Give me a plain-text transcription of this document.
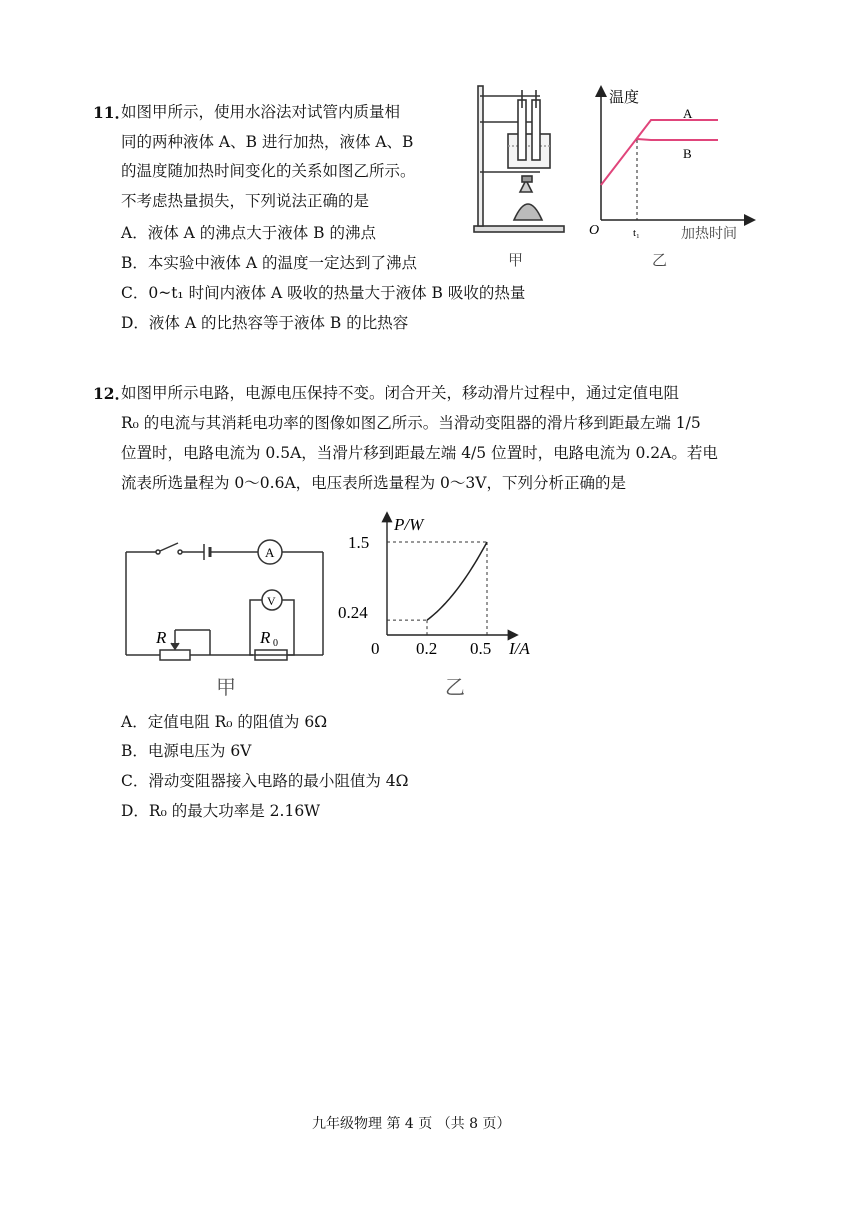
11．
如图甲所示，使用水浴法对试管内质量相
同的两种液体 A、B 进行加热，液体 A、B
的温度随加热时间变化的关系如图乙所示。
不考虑热量损失，下列说法正确的是
A．液体 A 的沸点大于液体 B 的沸点
B．本实验中液体 A 的温度一定达到了沸点
C．0~t₁ 时间内液体 A 吸收的热量大于液体 B 吸收的热量
D．液体 A 的比热容等于液体 B 的比热容
甲
温度
A
B
O	t₁	加热时间
乙
12．
如图甲所示电路，电源电压保持不变。闭合开关，移动滑片过程中，通过定值电阻
R₀ 的电流与其消耗电功率的图像如图乙所示。当滑动变阻器的滑片移到距最左端 1/5
位置时，电路电流为 0.5A，当滑片移到距最左端 4/5 位置时，电路电流为 0.2A。若电
流表所选量程为 0～0.6A，电压表所选量程为 0～3V，下列分析正确的是
A
V
R	R 0
甲
P/W
1.5
0.24
0 0.2 0.5 I/A
乙
A．定值电阻 R₀ 的阻值为 6Ω
B．电源电压为 6V
C．滑动变阻器接入电路的最小阻值为 4Ω
D．R₀ 的最大功率是 2.16W
九年级物理 第 4 页 （共 8 页）
